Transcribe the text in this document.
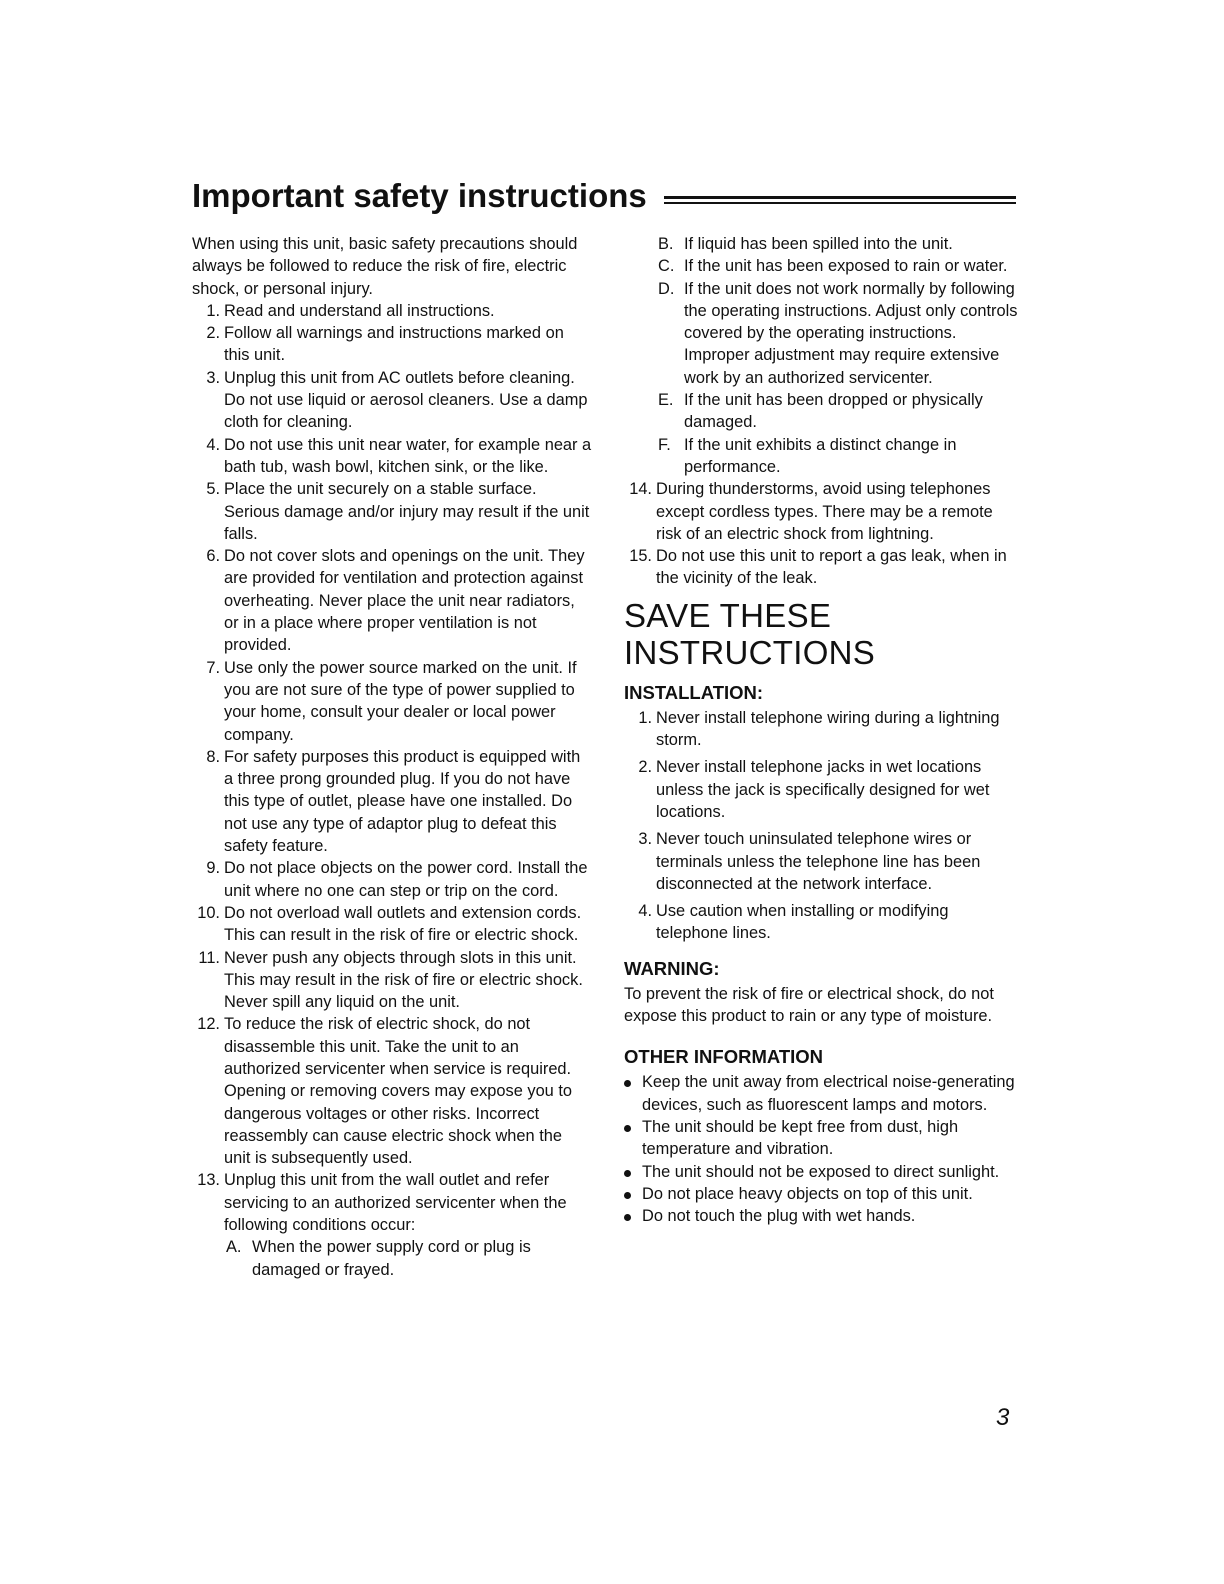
Important safety instructions

When using this unit, basic safety precautions should always be followed to reduce the risk of fire, electric shock, or personal injury.

1. Read and understand all instructions.
2. Follow all warnings and instructions marked on this unit.
3. Unplug this unit from AC outlets before cleaning. Do not use liquid or aerosol cleaners. Use a damp cloth for cleaning.
4. Do not use this unit near water, for example near a bath tub, wash bowl, kitchen sink, or the like.
5. Place the unit securely on a stable surface. Serious damage and/or injury may result if the unit falls.
6. Do not cover slots and openings on the unit. They are provided for ventilation and protection against overheating. Never place the unit near radiators, or in a place where proper ventilation is not provided.
7. Use only the power source marked on the unit. If you are not sure of the type of power supplied to your home, consult your dealer or local power company.
8. For safety purposes this product is equipped with a three prong grounded plug. If you do not have this type of outlet, please have one installed. Do not use any type of adaptor plug to defeat this safety feature.
9. Do not place objects on the power cord. Install the unit where no one can step or trip on the cord.
10. Do not overload wall outlets and extension cords. This can result in the risk of fire or electric shock.
11. Never push any objects through slots in this unit. This may result in the risk of fire or electric shock. Never spill any liquid on the unit.
12. To reduce the risk of electric shock, do not disassemble this unit. Take the unit to an authorized servicenter when service is required. Opening or removing covers may expose you to dangerous voltages or other risks. Incorrect reassembly can cause electric shock when the unit is subsequently used.
13. Unplug this unit from the wall outlet and refer servicing to an authorized servicenter when the following conditions occur:
A. When the power supply cord or plug is damaged or frayed.
B. If liquid has been spilled into the unit.
C. If the unit has been exposed to rain or water.
D. If the unit does not work normally by following the operating instructions. Adjust only controls covered by the operating instructions. Improper adjustment may require extensive work by an authorized servicenter.
E. If the unit has been dropped or physically damaged.
F. If the unit exhibits a distinct change in performance.
14. During thunderstorms, avoid using telephones except cordless types. There may be a remote risk of an electric shock from lightning.
15. Do not use this unit to report a gas leak, when in the vicinity of the leak.
SAVE THESE
INSTRUCTIONS
INSTALLATION:
1. Never install telephone wiring during a lightning storm.
2. Never install telephone jacks in wet locations unless the jack is specifically designed for wet locations.
3. Never touch uninsulated telephone wires or terminals unless the telephone line has been disconnected at the network interface.
4. Use caution when installing or modifying telephone lines.
WARNING:

To prevent the risk of fire or electrical shock, do not expose this product to rain or any type of moisture.

OTHER INFORMATION
Keep the unit away from electrical noise-generating devices, such as fluorescent lamps and motors.
The unit should be kept free from dust, high temperature and vibration.
The unit should not be exposed to direct sunlight.
Do not place heavy objects on top of this unit.
Do not touch the plug with wet hands.
3
